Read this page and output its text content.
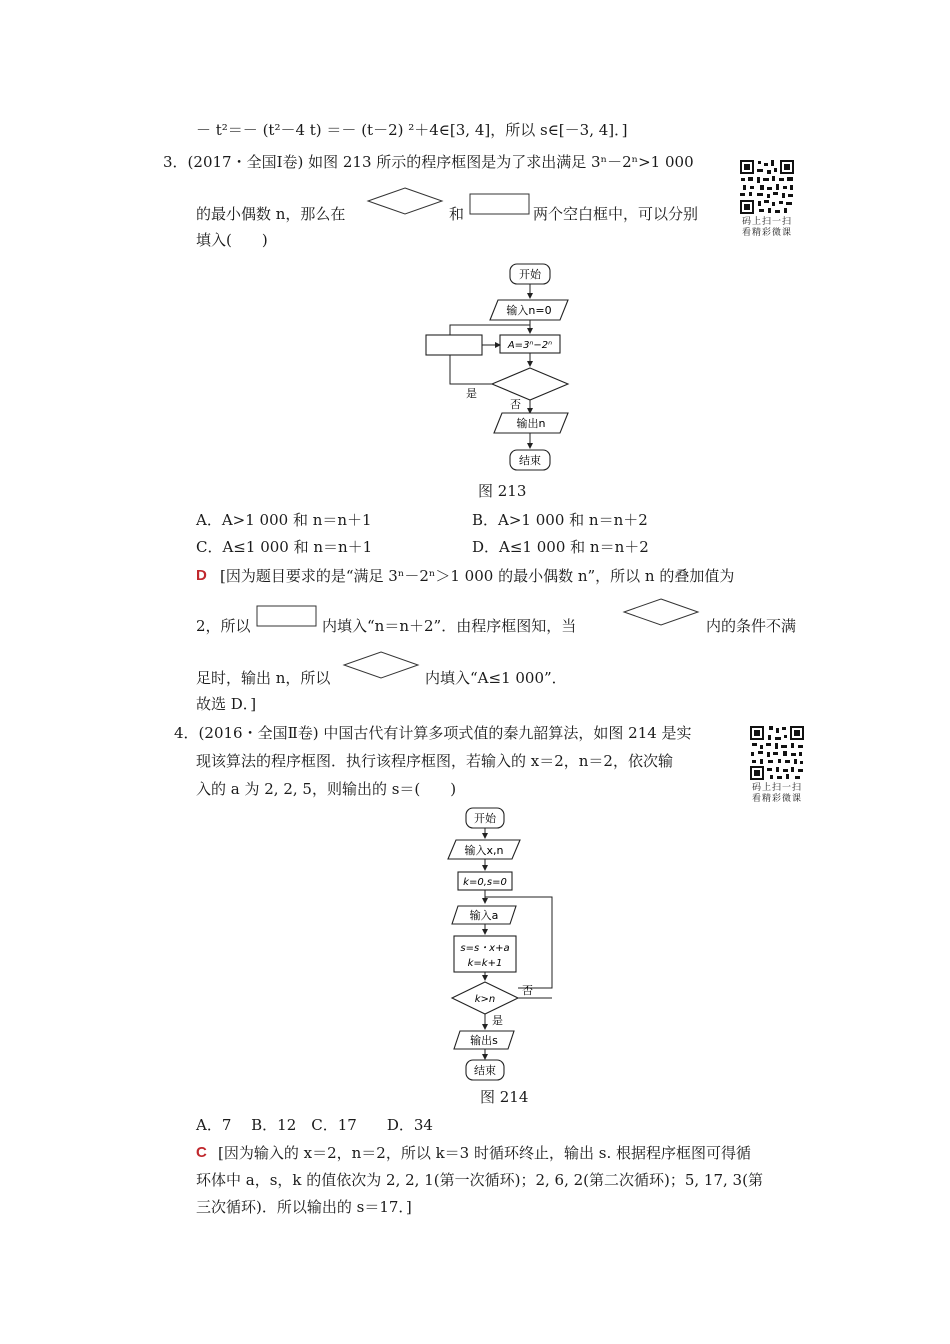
－ t²＝－ (t²－4 t) ＝－ (t－2) ²＋4∈[3, 4]，所以 s∈[－3, 4]．]
3．(2017・全国Ⅰ卷) 如图 213 所示的程序框图是为了求出满足 3ⁿ－2ⁿ>1 000
的最小偶数 n，那么在	和	两个空白框中，可以分别
填入(　　)
码上扫一扫
看精彩微课
开始
输入n=0
A=3ⁿ−2ⁿ
是
否
输出n
结束
图 213
A．A>1 000 和 n＝n＋1	B．A>1 000 和 n＝n＋2
C．A≤1 000 和 n＝n＋1	D．A≤1 000 和 n＝n＋2
D [因为题目要求的是“满足 3ⁿ－2ⁿ＞1 000 的最小偶数 n”，所以 n 的叠加值为
2，所以	内填入“n＝n＋2”．由程序框图知，当	内的条件不满
足时，输出 n，所以	内填入“A≤1 000”．
故选 D．]
4．(2016・全国Ⅱ卷) 中国古代有计算多项式值的秦九韶算法，如图 214 是实
现该算法的程序框图．执行该程序框图，若输入的 x＝2，n＝2，依次输
入的 a 为 2, 2, 5，则输出的 s＝(　　)	码上扫一扫
看精彩微课
开始
输入x,n
k=0,s=0
输入a
s=s・x+a
k=k+1
k>n
否
是
输出s
结束
图 214
A．7　 B．12　C．17　　D．34
C [因为输入的 x＝2，n＝2，所以 k＝3 时循环终止，输出 s. 根据程序框图可得循
环体中 a，s，k 的值依次为 2, 2, 1(第一次循环)；2, 6, 2(第二次循环)；5, 17, 3(第
三次循环)．所以输出的 s＝17．]
